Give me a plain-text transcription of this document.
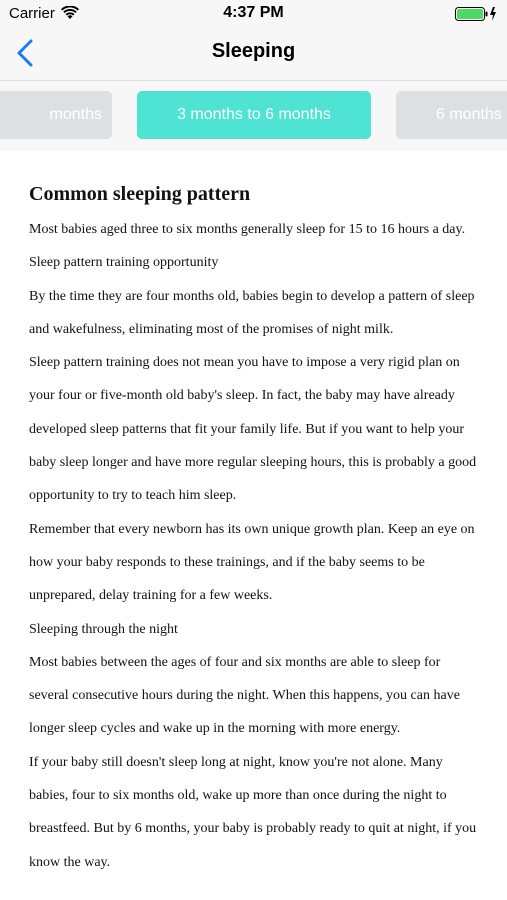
Carrier	4:37 PM
Sleeping
months	3 months to 6 months	6 months
Common sleeping pattern

Most babies aged three to six months generally sleep for 15 to 16 hours a day.

Sleep pattern training opportunity

By the time they are four months old, babies begin to develop a pattern of sleep and wakefulness, eliminating most of the promises of night milk.

Sleep pattern training does not mean you have to impose a very rigid plan on your four or five-month old baby's sleep. In fact, the baby may have already developed sleep patterns that fit your family life. But if you want to help your baby sleep longer and have more regular sleeping hours, this is probably a good opportunity to try to teach him sleep.

Remember that every newborn has its own unique growth plan. Keep an eye on how your baby responds to these trainings, and if the baby seems to be unprepared, delay training for a few weeks.

Sleeping through the night

Most babies between the ages of four and six months are able to sleep for several consecutive hours during the night. When this happens, you can have longer sleep cycles and wake up in the morning with more energy.

If your baby still doesn't sleep long at night, know you're not alone. Many babies, four to six months old, wake up more than once during the night to breastfeed. But by 6 months, your baby is probably ready to quit at night, if you know the way.
